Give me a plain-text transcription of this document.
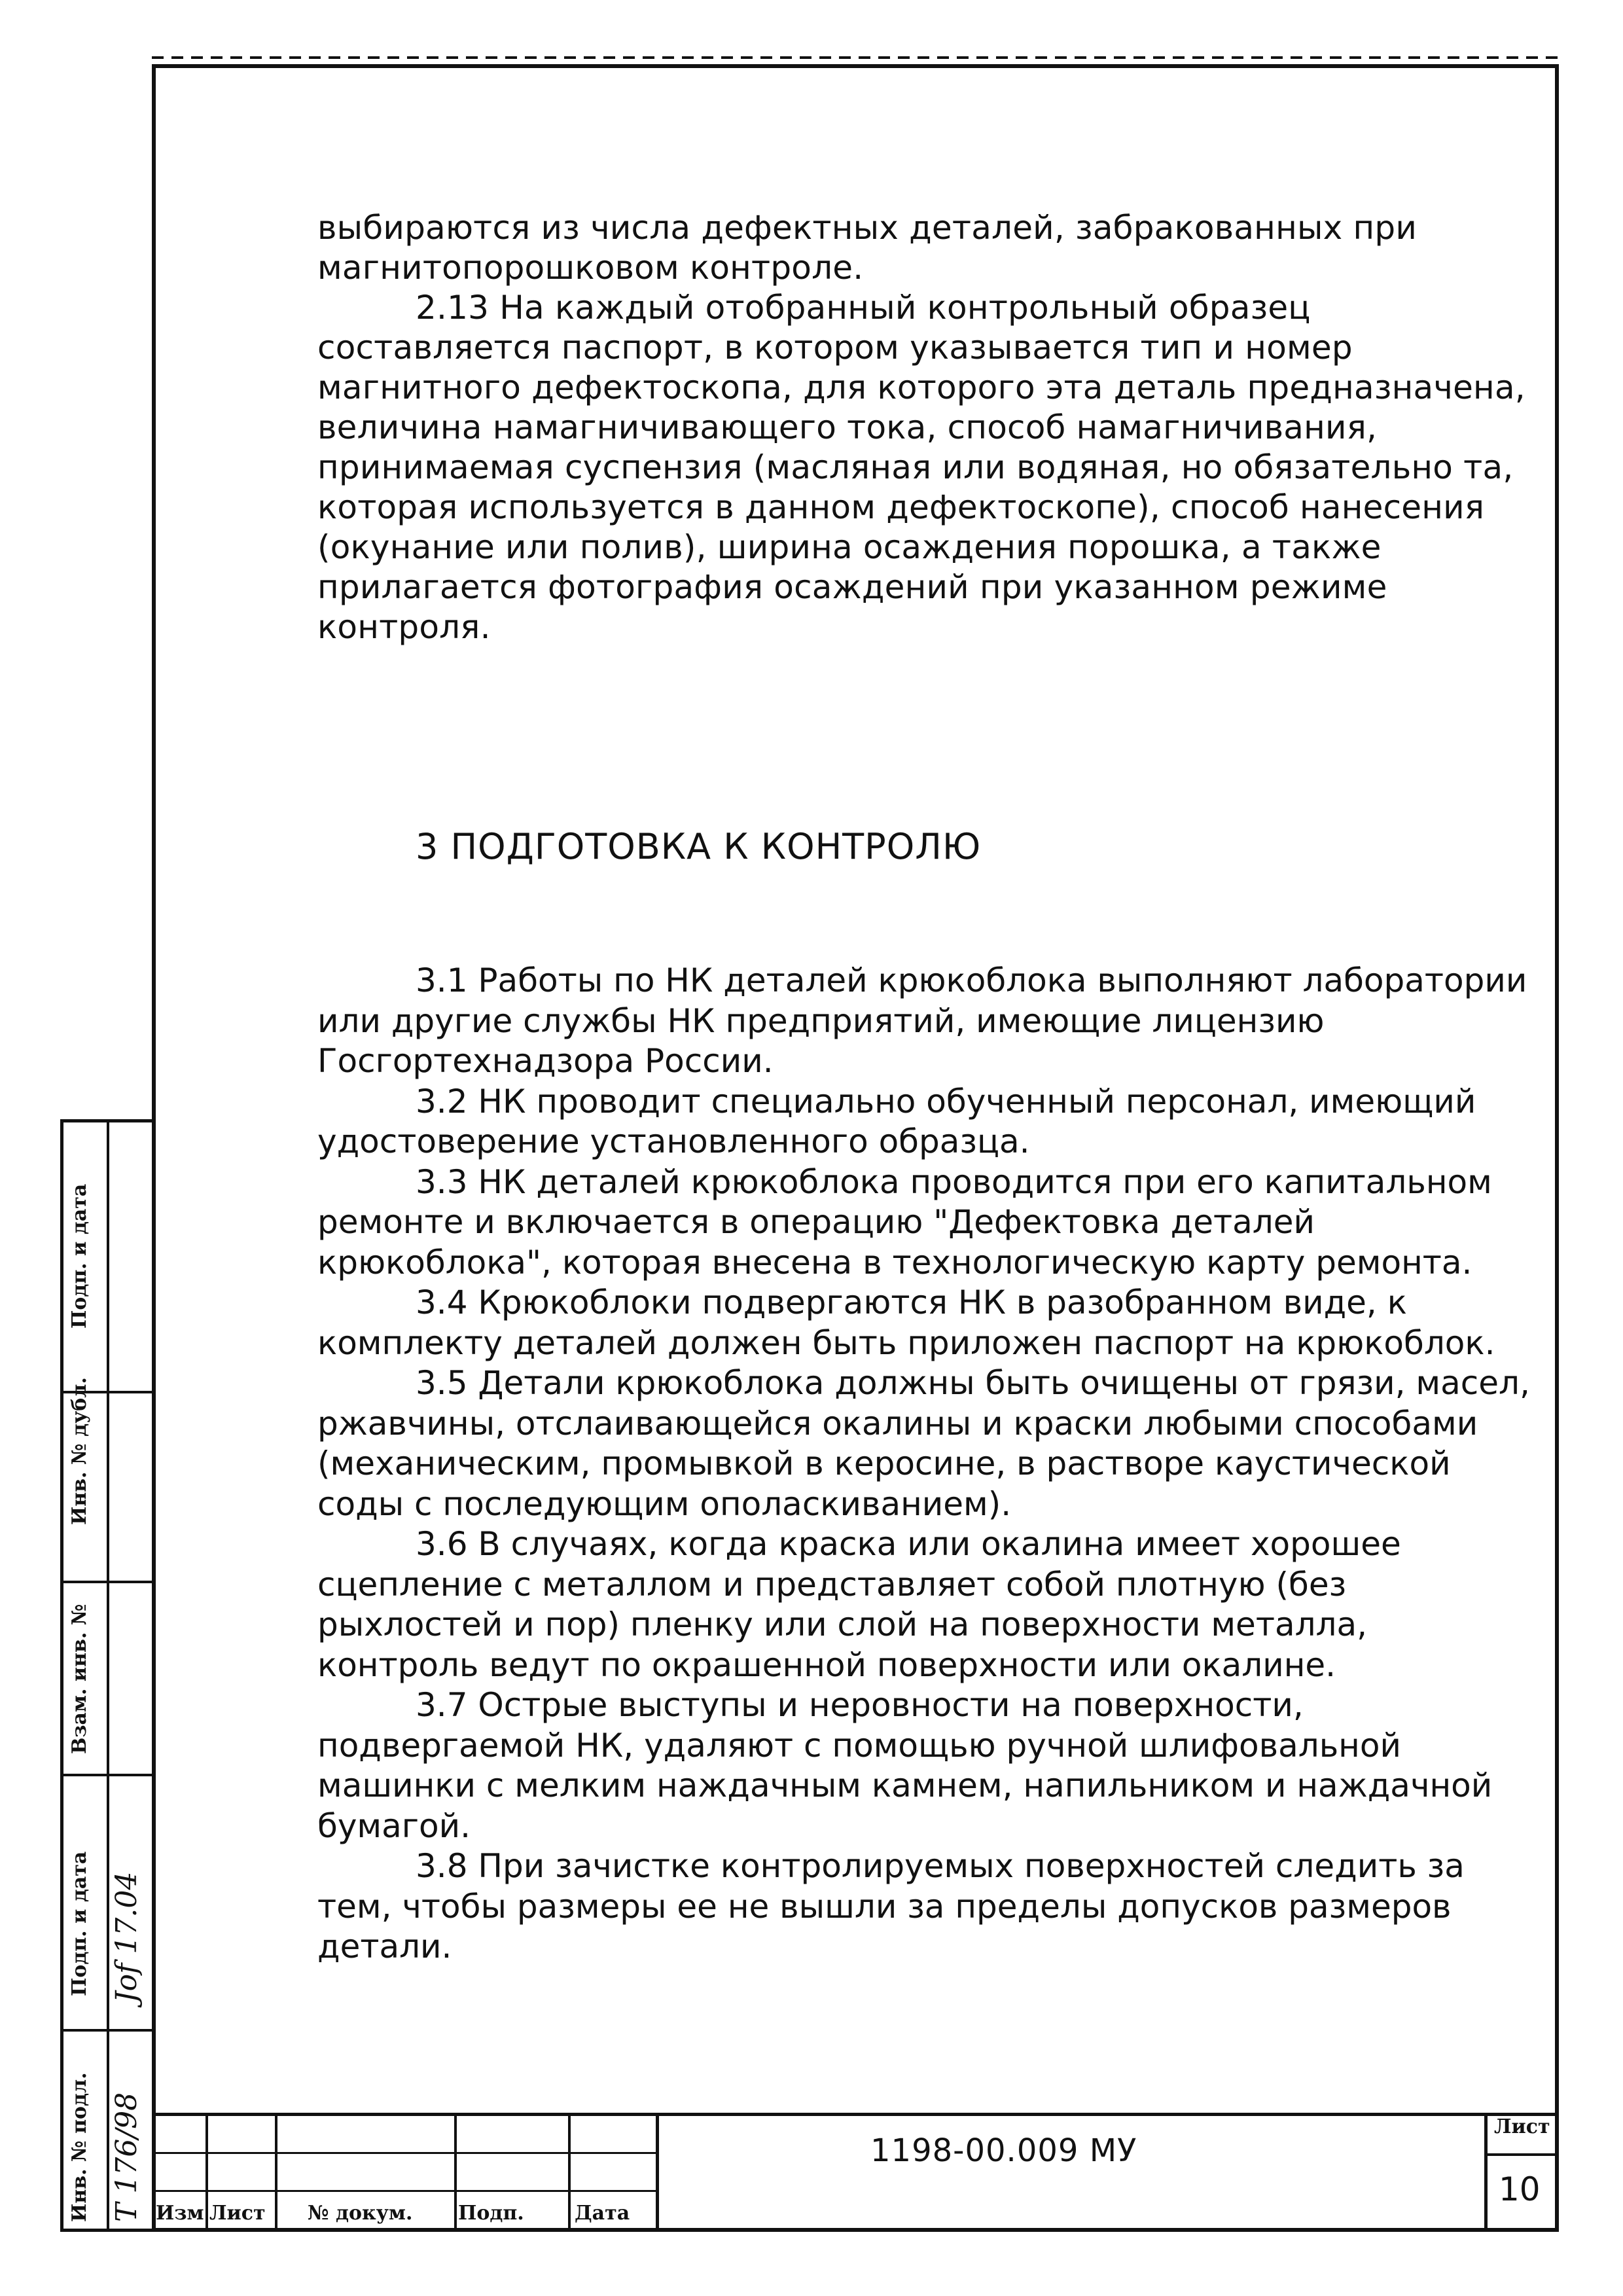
выбираются из числа дефектных деталей, забракованных при магнитопорошковом контроле.

2.13 На каждый отобранный контрольный образец составляется паспорт, в котором указывается тип и номер магнитного дефектоскопа, для которого эта деталь предназначена, величина намагничивающего тока, способ намагничивания, принимаемая суспензия (масляная или водяная, но обязательно та, которая используется в данном дефектоскопе), способ нанесения (окунание или полив), ширина осаждения порошка, а также прилагается фотография осаждений при указанном режиме контроля.

3 ПОДГОТОВКА К КОНТРОЛЮ

3.1 Работы по НК деталей крюкоблока выполняют лаборатории или другие службы НК предприятий, имеющие лицензию Госгортехнадзора России.

3.2 НК проводит специально обученный персонал, имеющий удостоверение установленного образца.

3.3 НК деталей крюкоблока проводится при его капитальном ремонте и включается в операцию "Дефектовка деталей крюкоблока", которая внесена в технологическую карту ремонта.

3.4 Крюкоблоки подвергаются НК в разобранном виде, к комплекту деталей должен быть приложен паспорт на крюкоблок.

3.5 Детали крюкоблока должны быть очищены от грязи, масел, ржавчины, отслаивающейся окалины и краски любыми способами (механическим, промывкой в керосине, в растворе каустической соды с последующим ополаскиванием).

3.6 В случаях, когда краска или окалина имеет хорошее сцепление с металлом и представляет собой плотную (без рыхлостей и пор) пленку или слой на поверхности металла, контроль ведут по окрашенной поверхности или окалине.

3.7 Острые выступы и неровности на поверхности, подвергаемой НК, удаляют с помощью ручной шлифовальной машинки с мелким наждачным камнем, напильником и наждачной бумагой.

3.8 При зачистке контролируемых поверхностей следить за тем, чтобы размеры ее не вышли за пределы допусков размеров детали.

Подп. и дата
Инв. № дубл.
Взам. инв. №
Подп. и дата
Инв. № подл. Т 176/98
Jof 17.04
Изм Лист № докум. Подп.	Дата
1198-00.009 МУ
Лист
10
